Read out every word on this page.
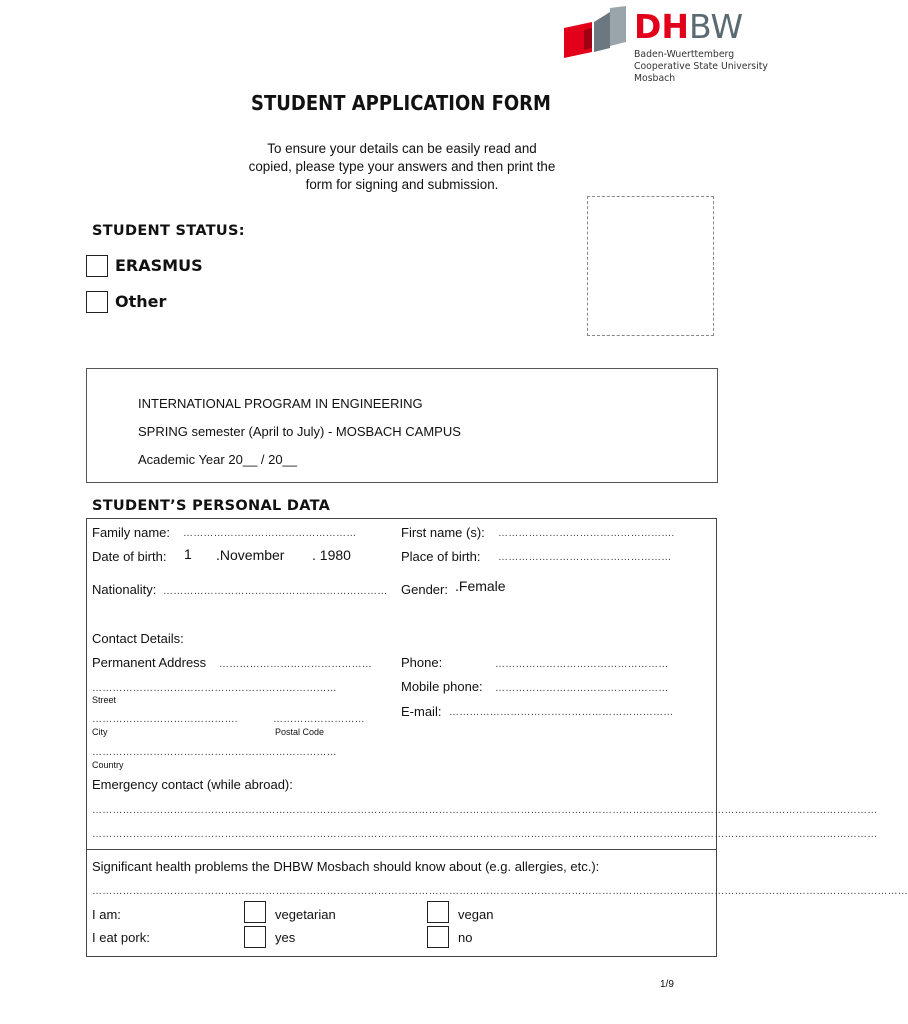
DHBW
Baden-Wuerttemberg
Cooperative State University
Mosbach
STUDENT APPLICATION FORM
To ensure your details can be easily read and
copied, please type your answers and then print the
form for signing and submission.
STUDENT STATUS:
ERASMUS
Other
INTERNATIONAL PROGRAM IN ENGINEERING
SPRING semester (April to July) - MOSBACH CAMPUS
Academic Year 20__ / 20__
STUDENT’S PERSONAL DATA
Family name: ……………………………………………	First name (s): …………………………………………….
Date of birth: 1 .November . 1980	Place of birth: ……………………………………………
Nationality: ………………………………………………………… Gender: .Female
Contact Details:
Permanent Address ………………………………………	Phone:	……………………………………………
………………………………………………………………
Street
Mobile phone: ……………………………………………
…………………………………….	………………………
City	Postal Code
E-mail: …………………………………………………………
………………………………………………………………
Country
Emergency contact (while abroad):
……………………………………………………………………………………………………………………………………………………………………………………………………………
……………………………………………………………………………………………………………………………………………………………………………………………………………
Significant health problems the DHBW Mosbach should know about (e.g. allergies, etc.):
……………………………………………………………………………………………………………………………………………………………………………………………………………………
I am:	vegetarian	vegan
I eat pork:	yes	no
1/9
